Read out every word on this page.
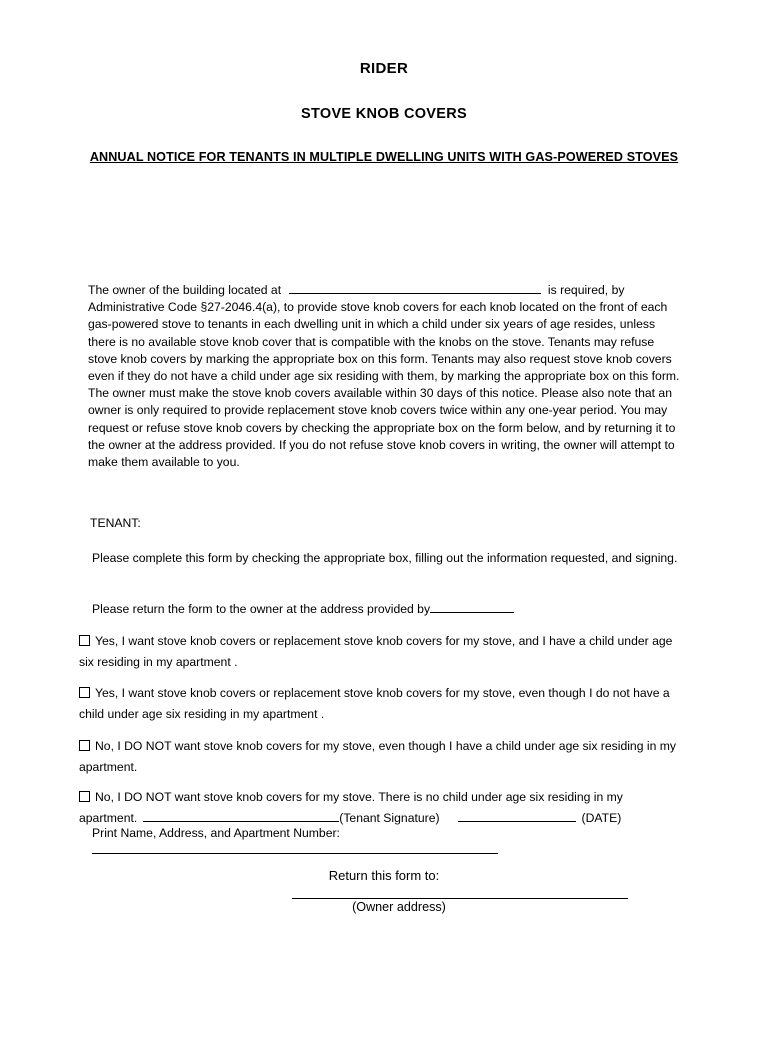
RIDER
STOVE KNOB COVERS
ANNUAL NOTICE FOR TENANTS IN MULTIPLE DWELLING UNITS WITH GAS-POWERED STOVES

The owner of the building located at	is required, by Administrative Code §27-2046.4(a), to provide stove knob covers for each knob located on the front of each gas-powered stove to tenants in each dwelling unit in which a child under six years of age resides, unless there is no available stove knob cover that is compatible with the knobs on the stove. Tenants may refuse stove knob covers by marking the appropriate box on this form. Tenants may also request stove knob covers even if they do not have a child under age six residing with them, by marking the appropriate box on this form. The owner must make the stove knob covers available within 30 days of this notice. Please also note that an owner is only required to provide replacement stove knob covers twice within any one-year period. You may request or refuse stove knob covers by checking the appropriate box on the form below, and by returning it to the owner at the address provided. If you do not refuse stove knob covers in writing, the owner will attempt to make them available to you.

TENANT:
Please complete this form by checking the appropriate box, filling out the information requested, and signing.
Please return the form to the owner at the address provided by
Yes, I want stove knob covers or replacement stove knob covers for my stove, and I have a child under age six residing in my apartment .
Yes, I want stove knob covers or replacement stove knob covers for my stove, even though I do not have a child under age six residing in my apartment .
No, I DO NOT want stove knob covers for my stove, even though I have a child under age six residing in my apartment.
No, I DO NOT want stove knob covers for my stove. There is no child under age six residing in my apartment.	(Tenant Signature)	(DATE)
Print Name, Address, and Apartment Number:
Return this form to:
(Owner address)
